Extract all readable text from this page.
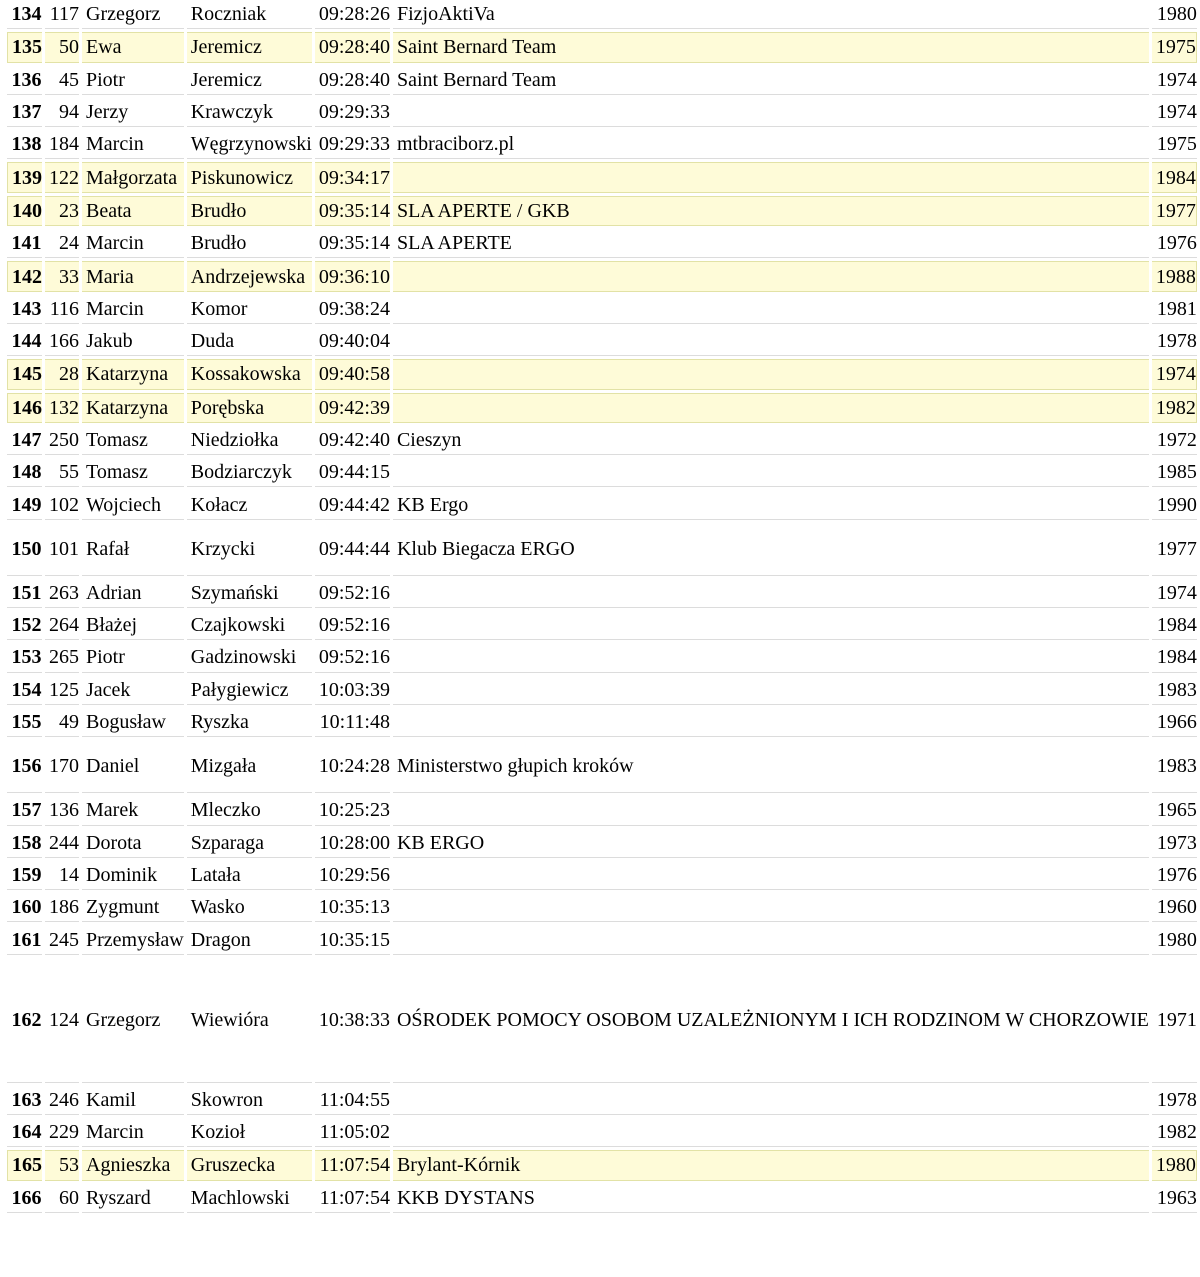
134	117	Grzegorz	Roczniak	09:28:26	FizjoAktiVa	1980
135	50	Ewa	Jeremicz	09:28:40	Saint Bernard Team	1975
136	45	Piotr	Jeremicz	09:28:40	Saint Bernard Team	1974
137	94	Jerzy	Krawczyk	09:29:33		1974
138	184	Marcin	Węgrzynowski	09:29:33	mtbraciborz.pl	1975
139	122	Małgorzata	Piskunowicz	09:34:17		1984
140	23	Beata	Brudło	09:35:14	SLA APERTE / GKB	1977
141	24	Marcin	Brudło	09:35:14	SLA APERTE	1976
142	33	Maria	Andrzejewska	09:36:10		1988
143	116	Marcin	Komor	09:38:24		1981
144	166	Jakub	Duda	09:40:04		1978
145	28	Katarzyna	Kossakowska	09:40:58		1974
146	132	Katarzyna	Porębska	09:42:39		1982
147	250	Tomasz	Niedziołka	09:42:40	Cieszyn	1972
148	55	Tomasz	Bodziarczyk	09:44:15		1985
149	102	Wojciech	Kołacz	09:44:42	KB Ergo	1990
150	101	Rafał	Krzycki	09:44:44	Klub Biegacza ERGO	1977
151	263	Adrian	Szymański	09:52:16		1974
152	264	Błażej	Czajkowski	09:52:16		1984
153	265	Piotr	Gadzinowski	09:52:16		1984
154	125	Jacek	Pałygiewicz	10:03:39		1983
155	49	Bogusław	Ryszka	10:11:48		1966
156	170	Daniel	Mizgała	10:24:28	Ministerstwo głupich kroków	1983
157	136	Marek	Mleczko	10:25:23		1965
158	244	Dorota	Szparaga	10:28:00	KB ERGO	1973
159	14	Dominik	Latała	10:29:56		1976
160	186	Zygmunt	Wasko	10:35:13		1960
161	245	Przemysław	Dragon	10:35:15		1980
162	124	Grzegorz	Wiewióra	10:38:33	OŚRODEK POMOCY OSOBOM UZALEŻNIONYM I ICH RODZINOM W CHORZOWIE	1971
163	246	Kamil	Skowron	11:04:55		1978
164	229	Marcin	Kozioł	11:05:02		1982
165	53	Agnieszka	Gruszecka	11:07:54	Brylant-Kórnik	1980
166	60	Ryszard	Machlowski	11:07:54	KKB DYSTANS	1963
